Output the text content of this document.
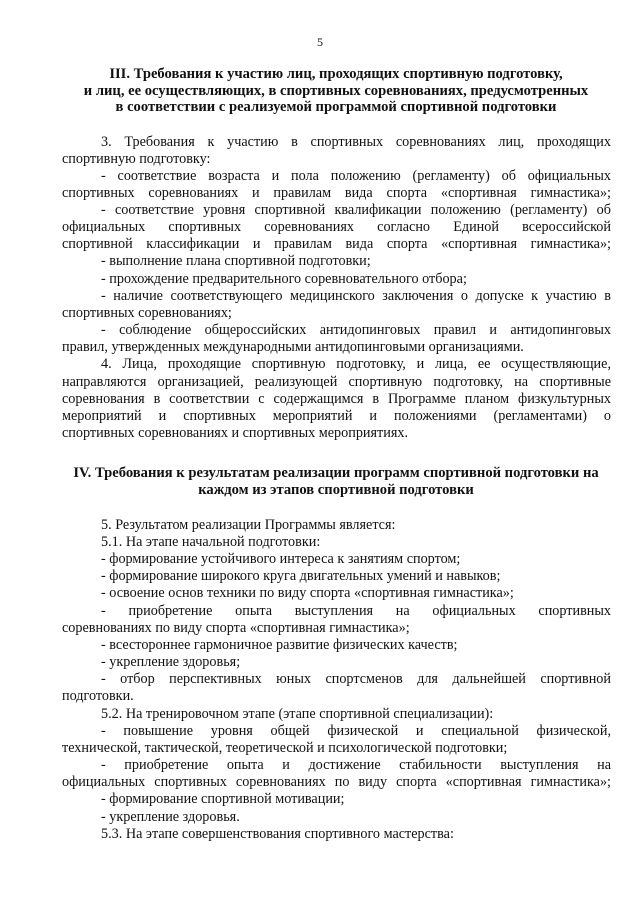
5
III. Требования к участию лиц, проходящих спортивную подготовку,
и лиц, ее осуществляющих, в спортивных соревнованиях, предусмотренных
в соответствии с реализуемой программой спортивной подготовки
3. Требования к участию в спортивных соревнованиях лиц, проходящих
спортивную подготовку:
- соответствие возраста и пола положению (регламенту) об официальных
спортивных соревнованиях и правилам вида спорта «спортивная гимнастика»;
- соответствие уровня спортивной квалификации положению (регламенту) об
официальных спортивных соревнованиях согласно Единой всероссийской
спортивной классификации и правилам вида спорта «спортивная гимнастика»;
- выполнение плана спортивной подготовки;
- прохождение предварительного соревновательного отбора;
- наличие соответствующего медицинского заключения о допуске к участию в
спортивных соревнованиях;
- соблюдение общероссийских антидопинговых правил и антидопинговых
правил, утвержденных международными антидопинговыми организациями.
4. Лица, проходящие спортивную подготовку, и лица, ее осуществляющие,
направляются организацией, реализующей спортивную подготовку, на спортивные
соревнования в соответствии с содержащимся в Программе планом физкультурных
мероприятий и спортивных мероприятий и положениями (регламентами) о
спортивных соревнованиях и спортивных мероприятиях.
IV. Требования к результатам реализации программ спортивной подготовки на
каждом из этапов спортивной подготовки
5. Результатом реализации Программы является:
5.1. На этапе начальной подготовки:
- формирование устойчивого интереса к занятиям спортом;
- формирование широкого круга двигательных умений и навыков;
- освоение основ техники по виду спорта «спортивная гимнастика»;
- приобретение опыта выступления на официальных спортивных
соревнованиях по виду спорта «спортивная гимнастика»;
- всестороннее гармоничное развитие физических качеств;
- укрепление здоровья;
- отбор перспективных юных спортсменов для дальнейшей спортивной
подготовки.
5.2. На тренировочном этапе (этапе спортивной специализации):
- повышение уровня общей физической и специальной физической,
технической, тактической, теоретической и психологической подготовки;
- приобретение опыта и достижение стабильности выступления на
официальных спортивных соревнованиях по виду спорта «спортивная гимнастика»;
- формирование спортивной мотивации;
- укрепление здоровья.
5.3. На этапе совершенствования спортивного мастерства:
